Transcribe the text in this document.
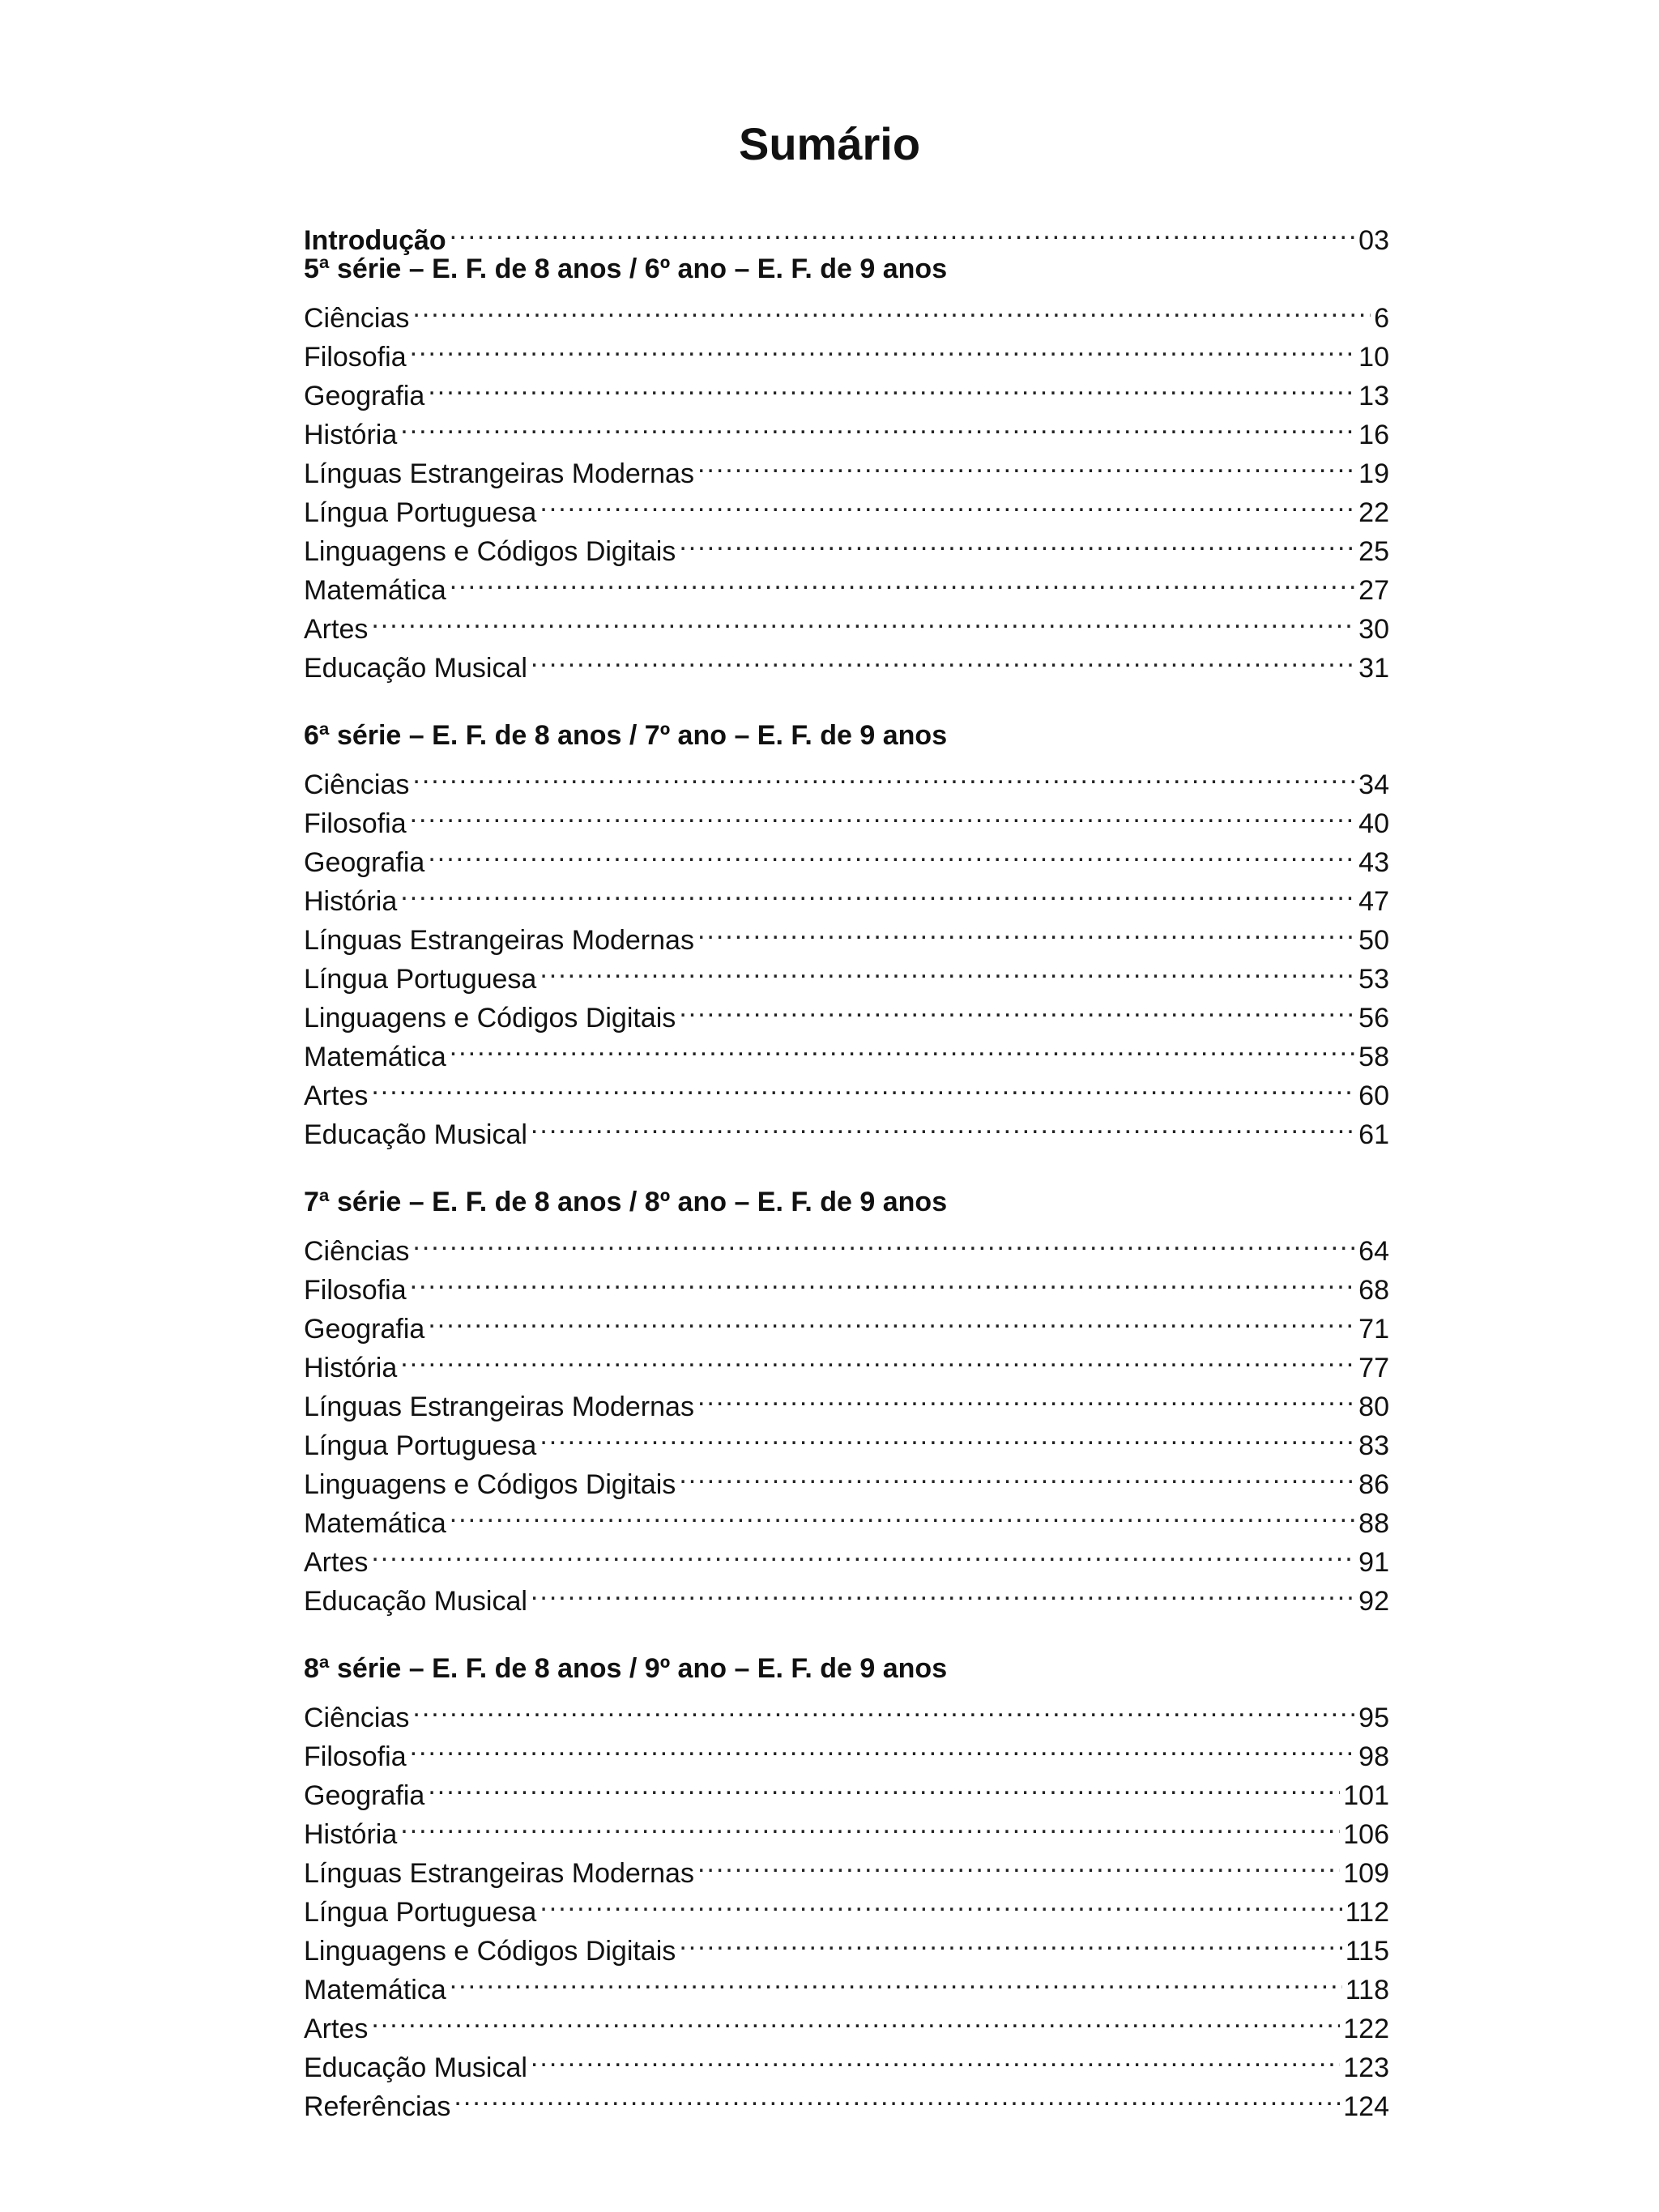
Sumário
Introdução .....	03
5ª série – E. F. de 8 anos / 6º ano – E. F. de 9 anos
Ciências .....	6
Filosofia .....	10
Geografia .....	13
História .....	16
Línguas Estrangeiras Modernas .....	19
Língua Portuguesa .....	22
Linguagens e Códigos Digitais .....	25
Matemática .....	27
Artes .....	30
Educação Musical .....	31
6ª série – E. F. de 8 anos / 7º ano – E. F. de 9 anos
Ciências .....	34
Filosofia .....	40
Geografia .....	43
História .....	47
Línguas Estrangeiras Modernas .....	50
Língua Portuguesa .....	53
Linguagens e Códigos Digitais .....	56
Matemática .....	58
Artes .....	60
Educação Musical .....	61
7ª série – E. F. de 8 anos / 8º ano – E. F. de 9 anos
Ciências .....	64
Filosofia .....	68
Geografia .....	71
História .....	77
Línguas Estrangeiras Modernas .....	80
Língua Portuguesa .....	83
Linguagens e Códigos Digitais .....	86
Matemática .....	88
Artes .....	91
Educação Musical .....	92
8ª série – E. F. de 8 anos / 9º ano – E. F. de 9 anos
Ciências .....	95
Filosofia .....	98
Geografia .....	101
História .....	106
Línguas Estrangeiras Modernas .....	109
Língua Portuguesa .....	112
Linguagens e Códigos Digitais .....	115
Matemática .....	118
Artes .....	122
Educação Musical .....	123
Referências .....	124
